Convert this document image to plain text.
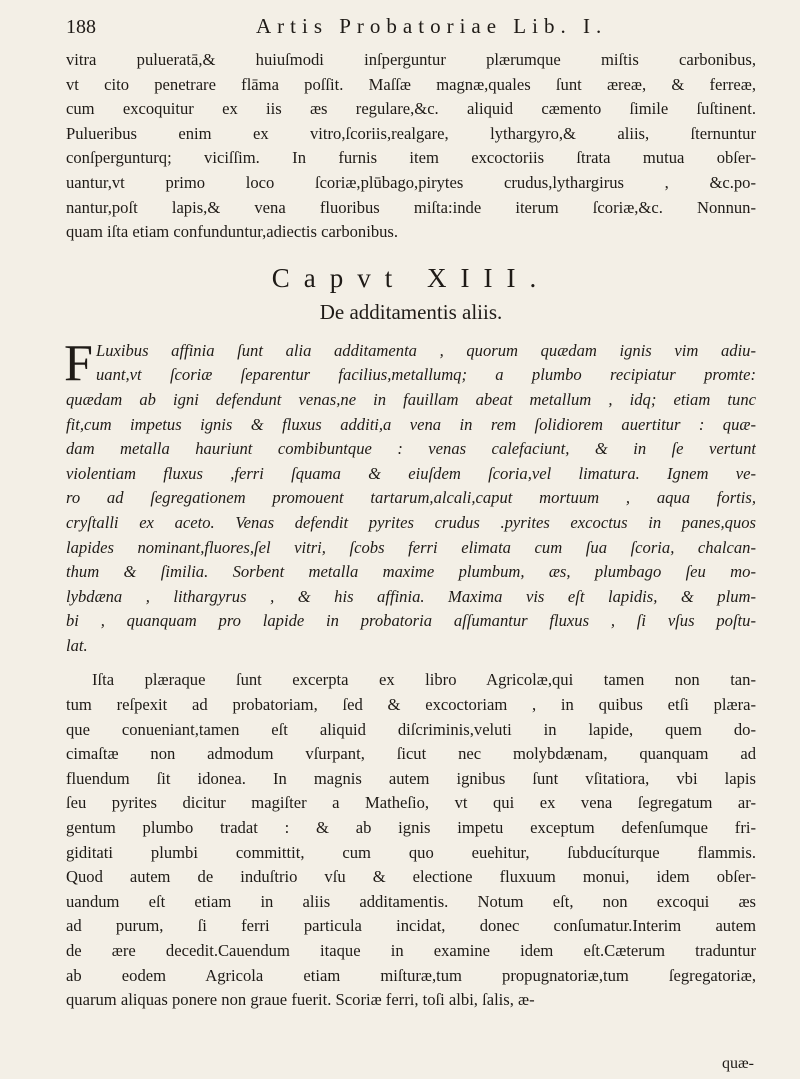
188	Artis Probatoriae Lib. I.

vitra pulueratā,& huiuſmodi inſperguntur plærumque miſtis carbonibus,
vt cito penetrare flāma poſſit. Maſſæ magnæ,quales ſunt æreæ, & ferreæ,
cum excoquitur ex iis æs regulare,&c. aliquid cæmento ſimile ſuſtinent.
Pulueribus enim ex vitro,ſcoriis,realgare, lythargyro,& aliis, ſternuntur
conſpergunturq; viciſſim. In furnis item excoctoriis ſtrata mutua obſer-
uantur,vt primo loco ſcoriæ,plūbago,pirytes crudus,lythargirus , &c.po-
nantur,poſt lapis,& vena fluoribus miſta:inde iterum ſcoriæ,&c. Nonnun-
quam iſta etiam confunduntur,adiectis carbonibus.

Capvt XIII.
De additamentis aliis.
F Luxibus affinia ſunt alia additamenta , quorum quædam ignis vim adiu-
uant,vt ſcoriæ ſeparentur facilius,metallumq; a plumbo recipiatur promte:
quædam ab igni defendunt venas,ne in fauillam abeat metallum , idq; etiam tunc
fit,cum impetus ignis & fluxus additi,a vena in rem ſolidiorem auertitur : quæ-
dam metalla hauriunt combibuntque : venas calefaciunt, & in ſe vertunt
violentiam fluxus ,ferri ſquama & eiuſdem ſcoria,vel limatura. Ignem ve-
ro ad ſegregationem promouent tartarum,alcali,caput mortuum , aqua fortis,
cryſtalli ex aceto. Venas defendit pyrites crudus .pyrites excoctus in panes,quos
lapides nominant,fluores,ſel vitri, ſcobs ferri elimata cum ſua ſcoria, chalcan-
thum & ſimilia. Sorbent metalla maxime plumbum, æs, plumbago ſeu mo-
lybdæna , lithargyrus , & his affinia. Maxima vis eſt lapidis, & plum-
bi , quanquam pro lapide in probatoria aſſumantur fluxus , ſi vſus poſtu-
lat.

Iſta plæraque ſunt excerpta ex libro Agricolæ,qui tamen non tan-
tum reſpexit ad probatoriam, ſed & excoctoriam , in quibus etſi plæra-
que conueniant,tamen eſt aliquid diſcriminis,veluti in lapide, quem do-
cimaſtæ non admodum vſurpant, ſicut nec molybdænam, quanquam ad
fluendum ſit idonea. In magnis autem ignibus ſunt vſitatiora, vbi lapis
ſeu pyrites dicitur magiſter a Mathеſio, vt qui ex vena ſegregatum ar-
gentum plumbo tradat : & ab ignis impetu exceptum defenſumque fri-
giditati plumbi committit, cum quo euehitur, ſubducíturque flammis.
Quod autem de induſtrio vſu & electione fluxuum monui, idem obſer-
uandum eſt etiam in aliis additamentis. Notum eſt, non excoqui æs
ad purum, ſi ferri particula incidat, donec conſumatur.Interim autem
de ære decedit.Cauendum itaque in examine idem eſt.Cæterum traduntur
ab eodem Agricola etiam miſturæ,tum propugnatoriæ,tum ſegregatoriæ,
quarum aliquas ponere non graue fuerit. Scoriæ ferri, toſi albi, ſalis, æ-

quæ-
